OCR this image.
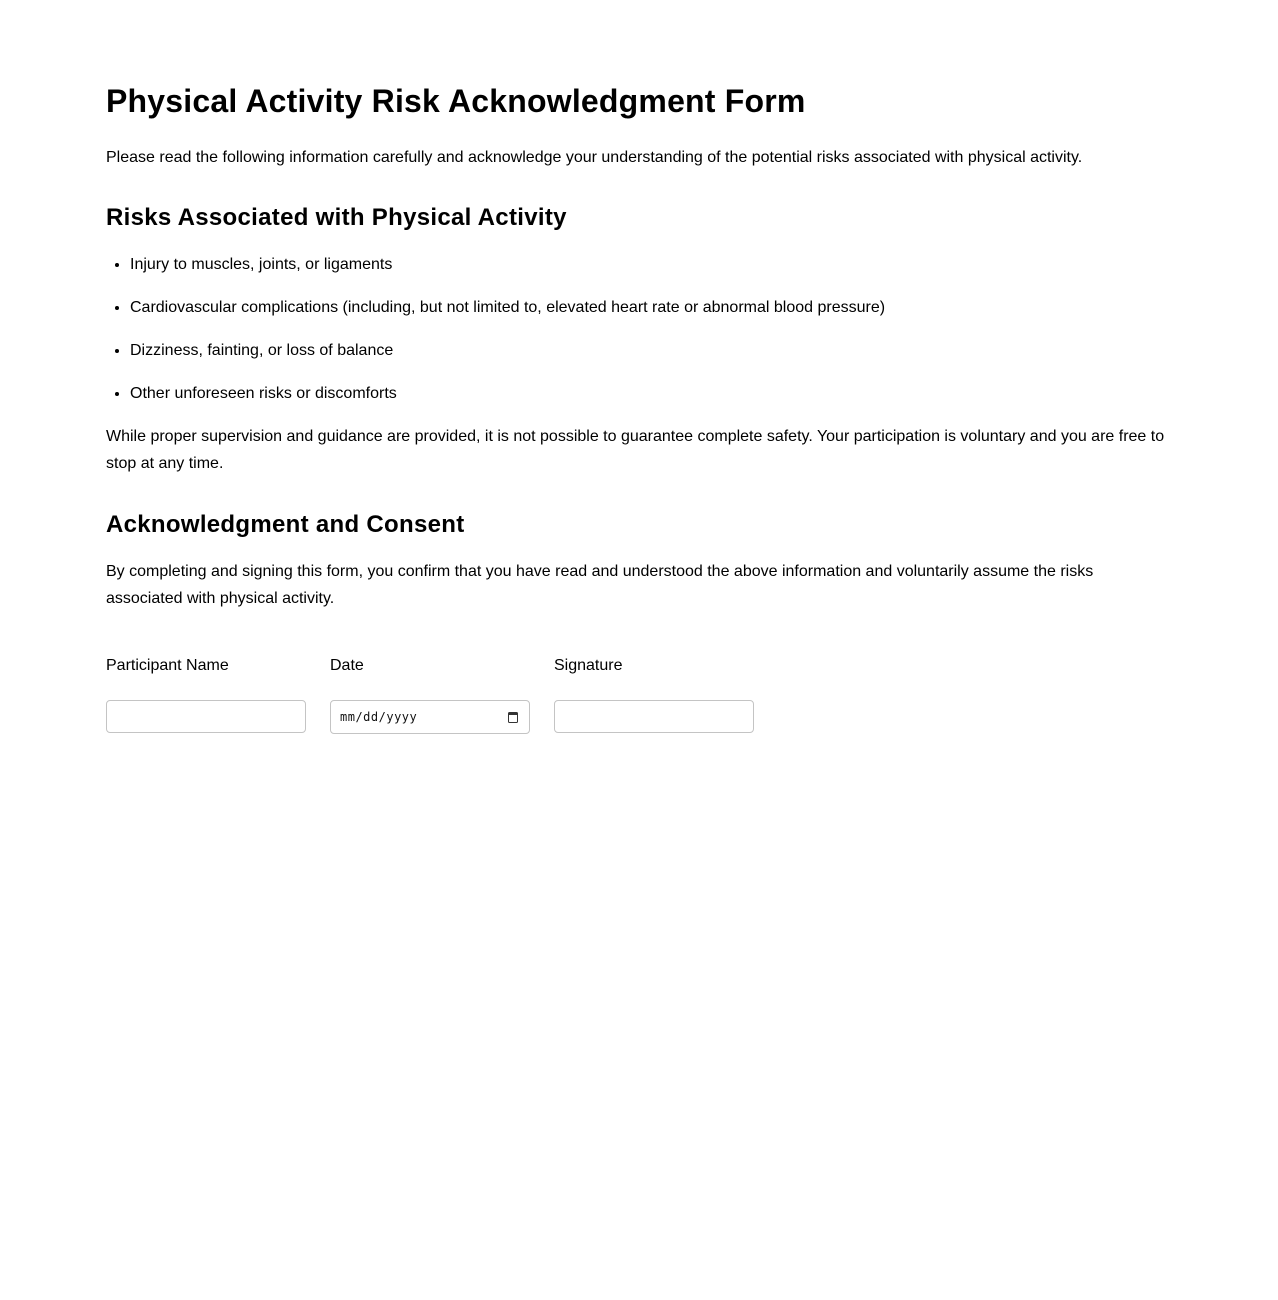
Physical Activity Risk Acknowledgment Form

Please read the following information carefully and acknowledge your understanding of the potential risks associated with physical activity.

Risks Associated with Physical Activity
• Injury to muscles, joints, or ligaments
• Cardiovascular complications (including, but not limited to, elevated heart rate or abnormal blood pressure)
• Dizziness, fainting, or loss of balance
• Other unforeseen risks or discomforts

While proper supervision and guidance are provided, it is not possible to guarantee complete safety. Your participation is voluntary and you are free to stop at any time.

Acknowledgment and Consent

By completing and signing this form, you confirm that you have read and understood the above information and voluntarily assume the risks associated with physical activity.

Participant Name	Date
mm/dd/yyyy
Signature
